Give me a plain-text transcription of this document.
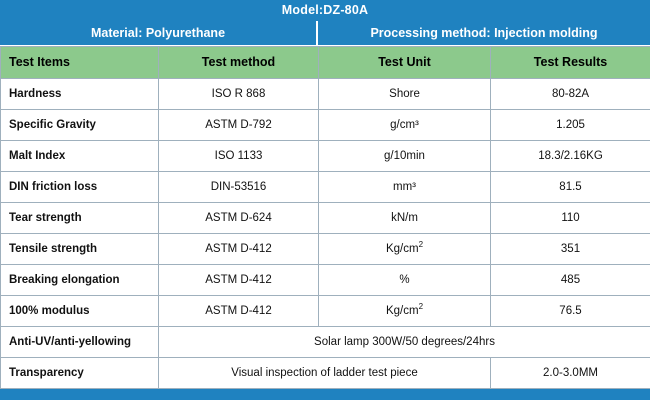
Model:DZ-80A
Material: Polyurethane	Processing method: Injection molding
Test Items	Test method	Test Unit	Test Results
Hardness	ISO R 868	Shore	80-82A
Specific Gravity	ASTM D-792	g/cm³	1.205
Malt Index	ISO 1133	g/10min	18.3/2.16KG
DIN friction loss	DIN-53516	mm³	81.5
Tear strength	ASTM D-624	kN/m	110
Tensile strength	ASTM D-412	$Kg/cm^2$	351
Breaking elongation	ASTM D-412	%	485
100% modulus	ASTM D-412	$Kg/cm^2$	76.5
Anti-UV/anti-yellowing	Solar lamp 300W/50 degrees/24hrs		
Transparency	Visual inspection of ladder test piece		2.0-3.0MM
